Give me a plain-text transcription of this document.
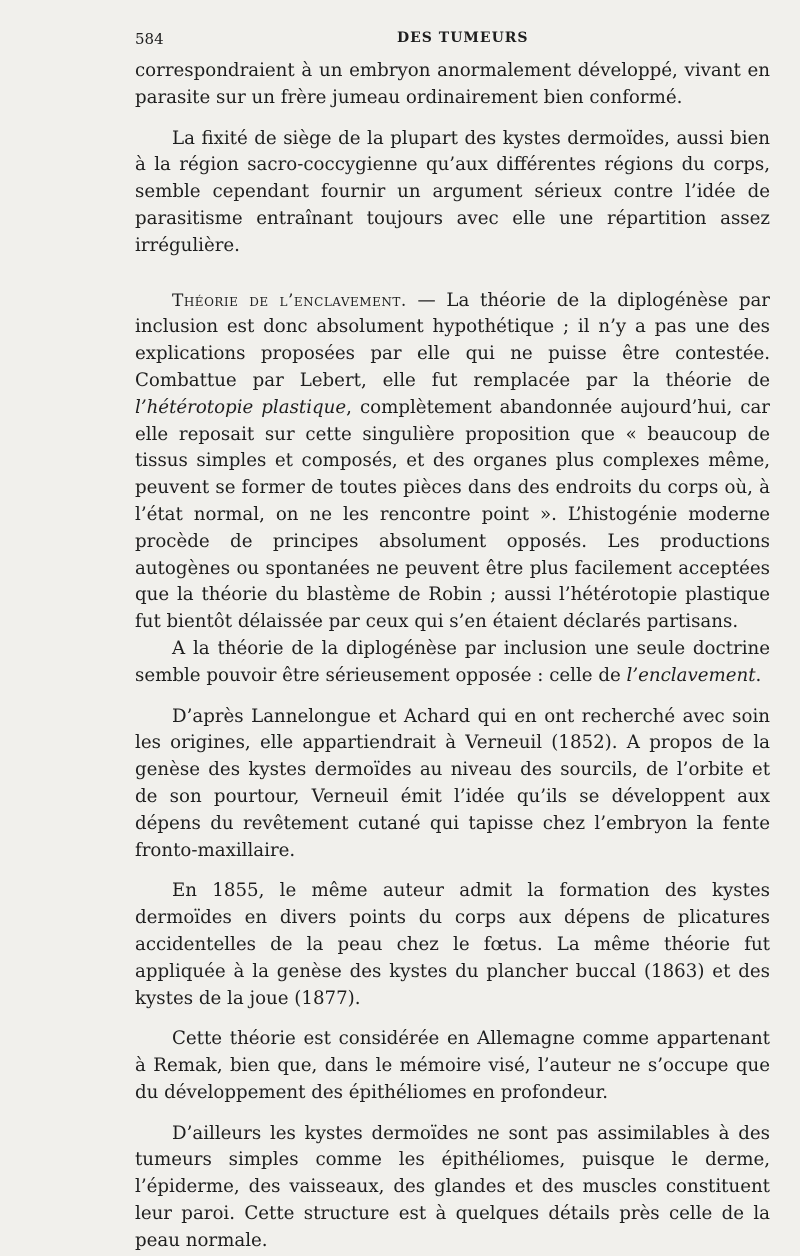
584	DES TUMEURS

correspondraient à un embryon anormalement développé, vivant en parasite sur un frère jumeau ordinairement bien conformé.

La fixité de siège de la plupart des kystes dermoïdes, aussi bien à la région sacro-coccygienne qu’aux différentes régions du corps, semble cependant fournir un argument sérieux contre l’idée de parasitisme entraînant toujours avec elle une répartition assez irrégulière.

Théorie de l’enclavement. — La théorie de la diplogénèse par inclusion est donc absolument hypothétique ; il n’y a pas une des explications proposées par elle qui ne puisse être contestée. Combattue par Lebert, elle fut remplacée par la théorie de l’hétérotopie plastique, complètement abandonnée aujourd’hui, car elle reposait sur cette singulière proposition que « beaucoup de tissus simples et composés, et des organes plus complexes même, peuvent se former de toutes pièces dans des endroits du corps où, à l’état normal, on ne les rencontre point ». L’histogénie moderne procède de principes absolument opposés. Les productions autogènes ou spontanées ne peuvent être plus facilement acceptées que la théorie du blastème de Robin ; aussi l’hétérotopie plastique fut bientôt délaissée par ceux qui s’en étaient déclarés partisans.

A la théorie de la diplogénèse par inclusion une seule doctrine semble pouvoir être sérieusement opposée : celle de l’enclavement.

D’après Lannelongue et Achard qui en ont recherché avec soin les origines, elle appartiendrait à Verneuil (1852). A propos de la genèse des kystes dermoïdes au niveau des sourcils, de l’orbite et de son pourtour, Verneuil émit l’idée qu’ils se développent aux dépens du revêtement cutané qui tapisse chez l’embryon la fente fronto-maxillaire.

En 1855, le même auteur admit la formation des kystes dermoïdes en divers points du corps aux dépens de plicatures accidentelles de la peau chez le fœtus. La même théorie fut appliquée à la genèse des kystes du plancher buccal (1863) et des kystes de la joue (1877).

Cette théorie est considérée en Allemagne comme appartenant à Remak, bien que, dans le mémoire visé, l’auteur ne s’occupe que du développement des épithéliomes en profondeur.

D’ailleurs les kystes dermoïdes ne sont pas assimilables à des tumeurs simples comme les épithéliomes, puisque le derme, l’épiderme, des vaisseaux, des glandes et des muscles constituent leur paroi. Cette structure est à quelques détails près celle de la peau normale.
